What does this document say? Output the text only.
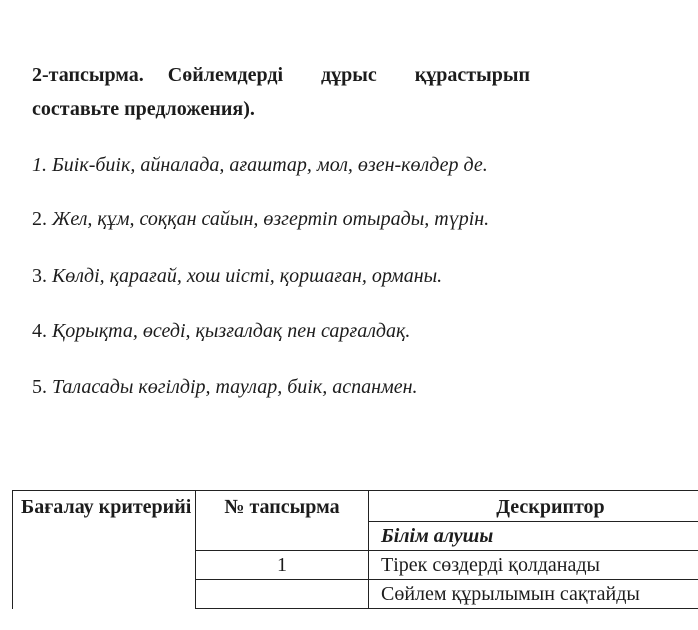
2-тапсырма. Сөйлемдерді дұрыс құрастырып
составьте предложения).
1. Биік-биік, айналада, ағаштар, мол, өзен-көлдер де.
2. Жел, құм, соққан сайын, өзгертіп отырады, түрін.
3. Көлді, қарағай, хош иісті, қоршаған, орманы.
4. Қорықта, өседі, қызғалдақ пен сарғалдақ.
5. Таласады көгілдір, таулар, биік, аспанмен.
Бағалау критерийі	№ тапсырма	Дескриптор
		Білім алушы
	1	Тірек сөздерді қолданады
		Сөйлем құрылымын сақтайды
